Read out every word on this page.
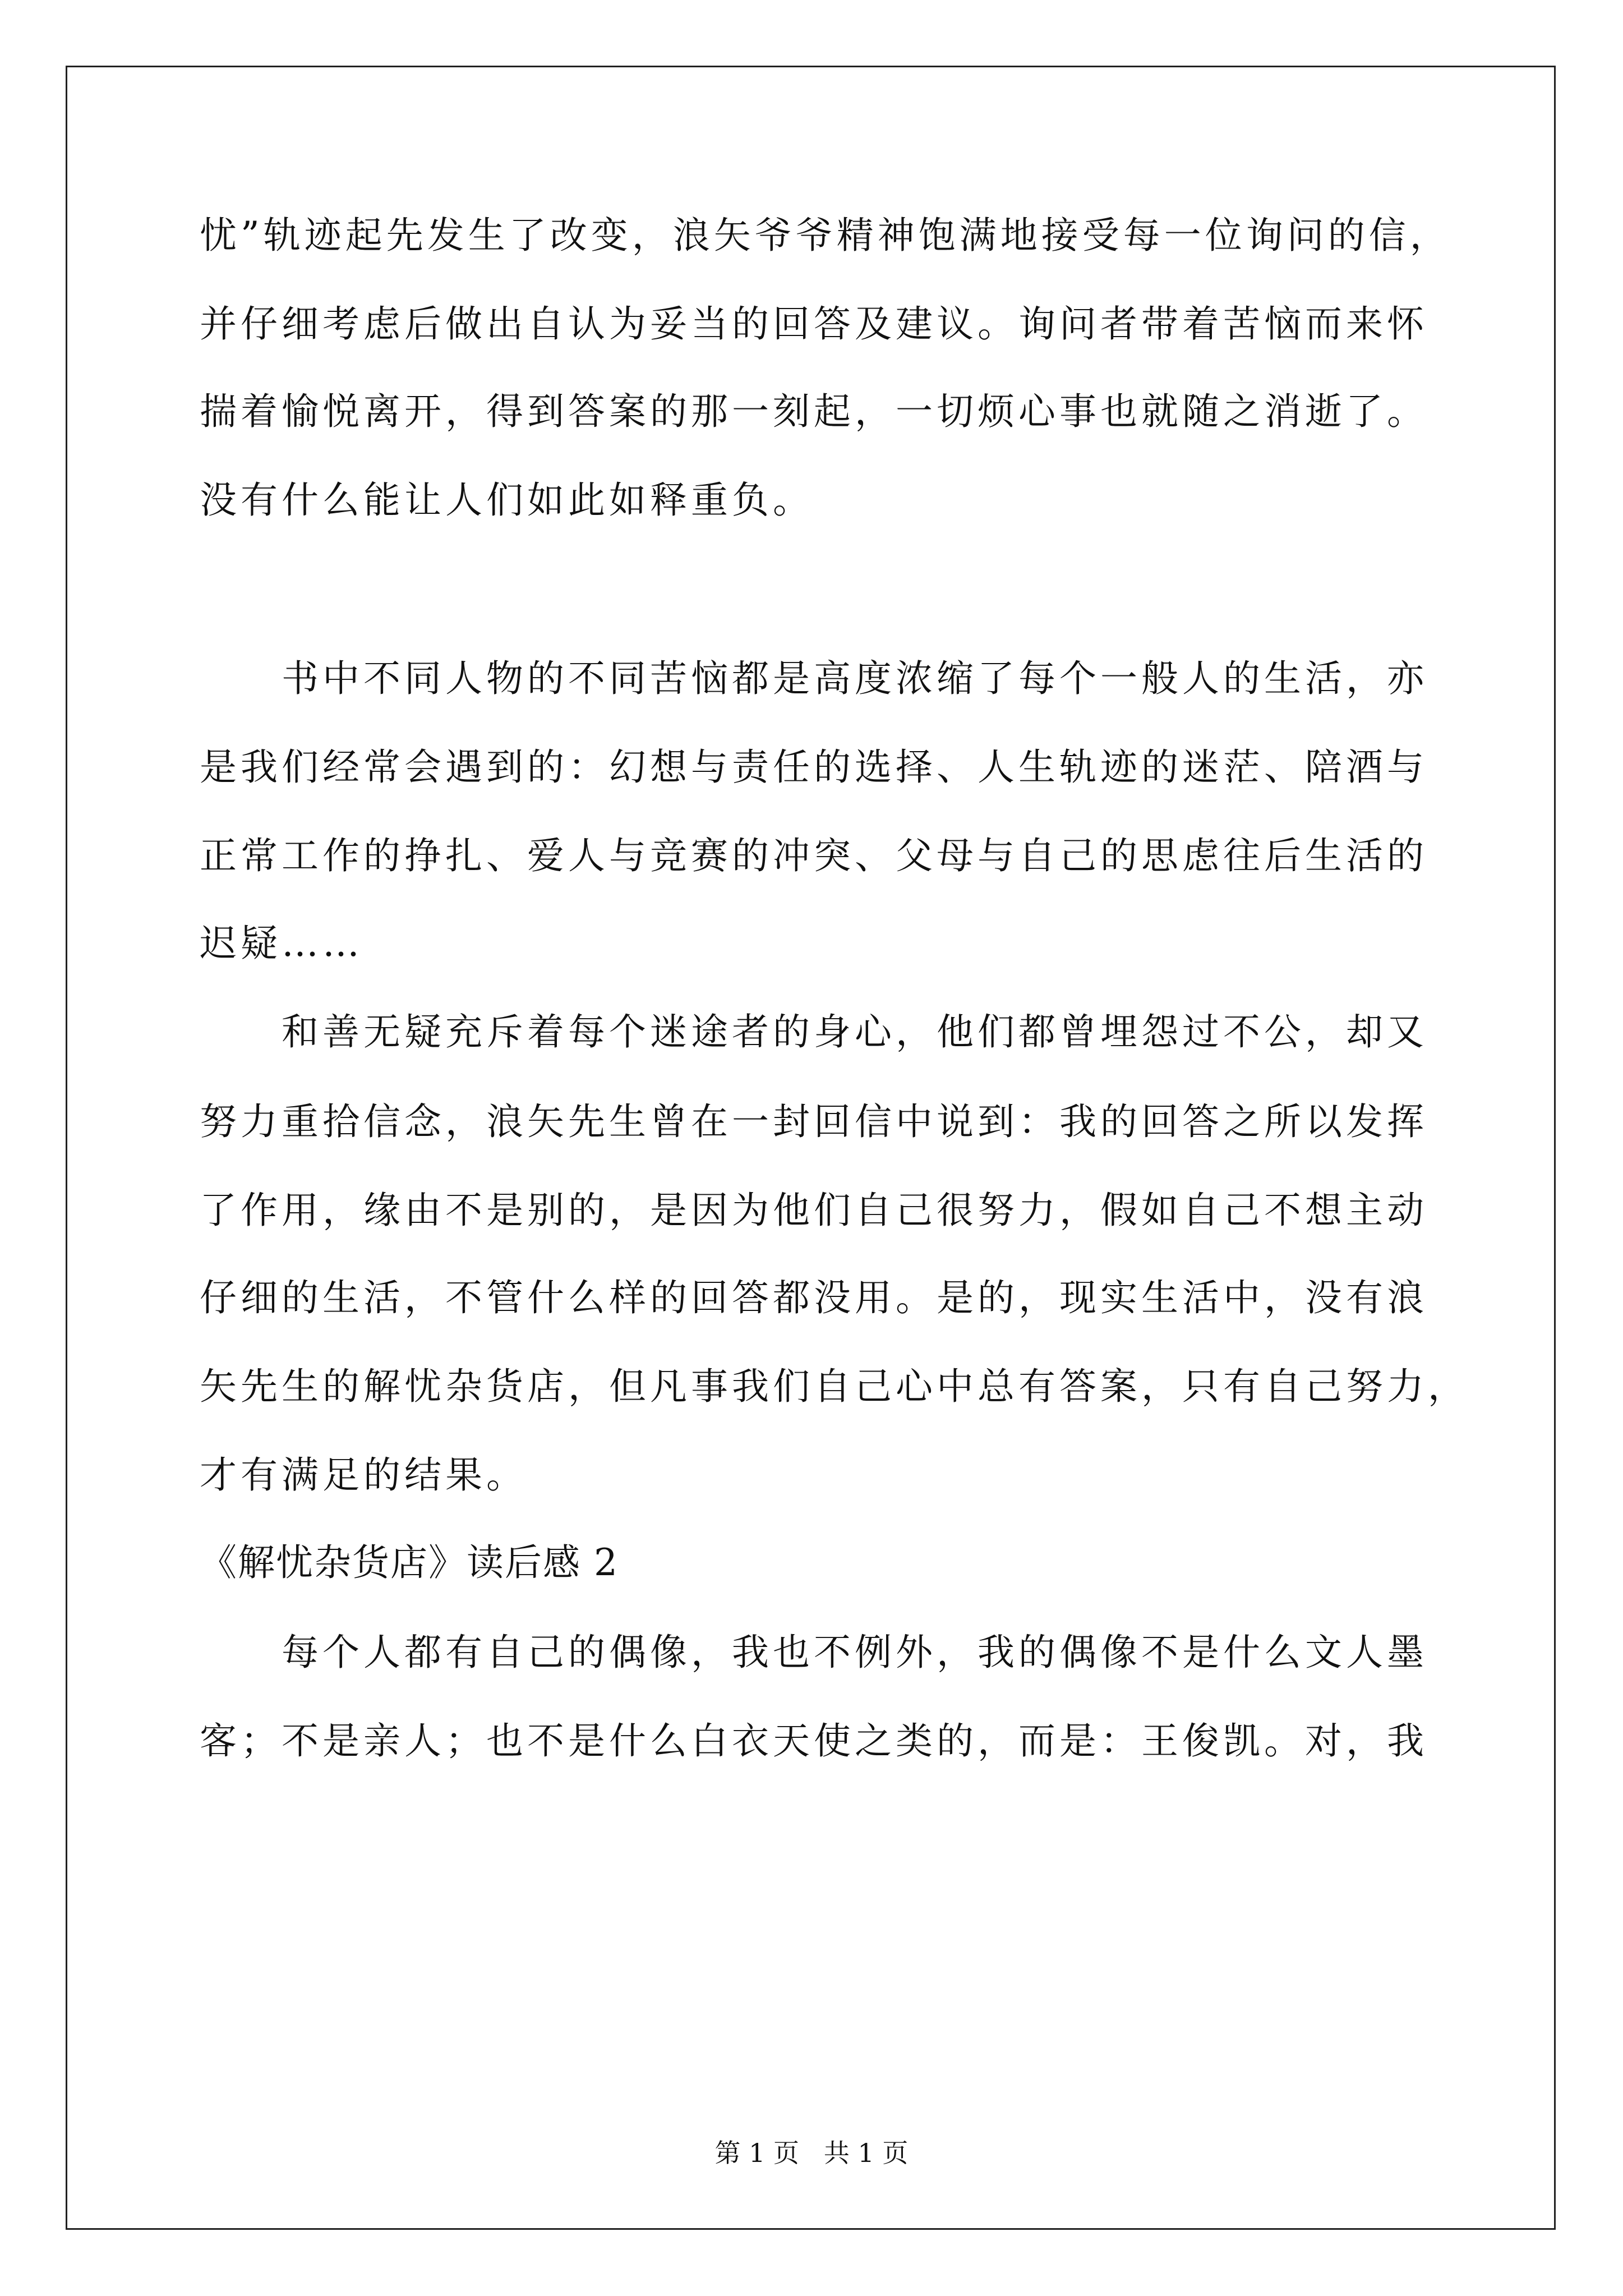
忧”轨迹起先发生了改变，浪矢爷爷精神饱满地接受每一位询问的信，
并仔细考虑后做出自认为妥当的回答及建议。询问者带着苦恼而来怀
揣着愉悦离开，得到答案的那一刻起，一切烦心事也就随之消逝了。
没有什么能让人们如此如释重负。
书中不同人物的不同苦恼都是高度浓缩了每个一般人的生活，亦
是我们经常会遇到的：幻想与责任的选择、人生轨迹的迷茫、陪酒与
正常工作的挣扎、爱人与竞赛的冲突、父母与自己的思虑往后生活的
迟疑……
和善无疑充斥着每个迷途者的身心，他们都曾埋怨过不公，却又
努力重拾信念，浪矢先生曾在一封回信中说到：我的回答之所以发挥
了作用，缘由不是别的，是因为他们自己很努力，假如自己不想主动
仔细的生活，不管什么样的回答都没用。是的，现实生活中，没有浪
矢先生的解忧杂货店，但凡事我们自己心中总有答案，只有自己努力，
才有满足的结果。
《解忧杂货店》读后感 2
每个人都有自己的偶像，我也不例外，我的偶像不是什么文人墨
客；不是亲人；也不是什么白衣天使之类的，而是：王俊凯。对，我
第 1 页   共 1 页
